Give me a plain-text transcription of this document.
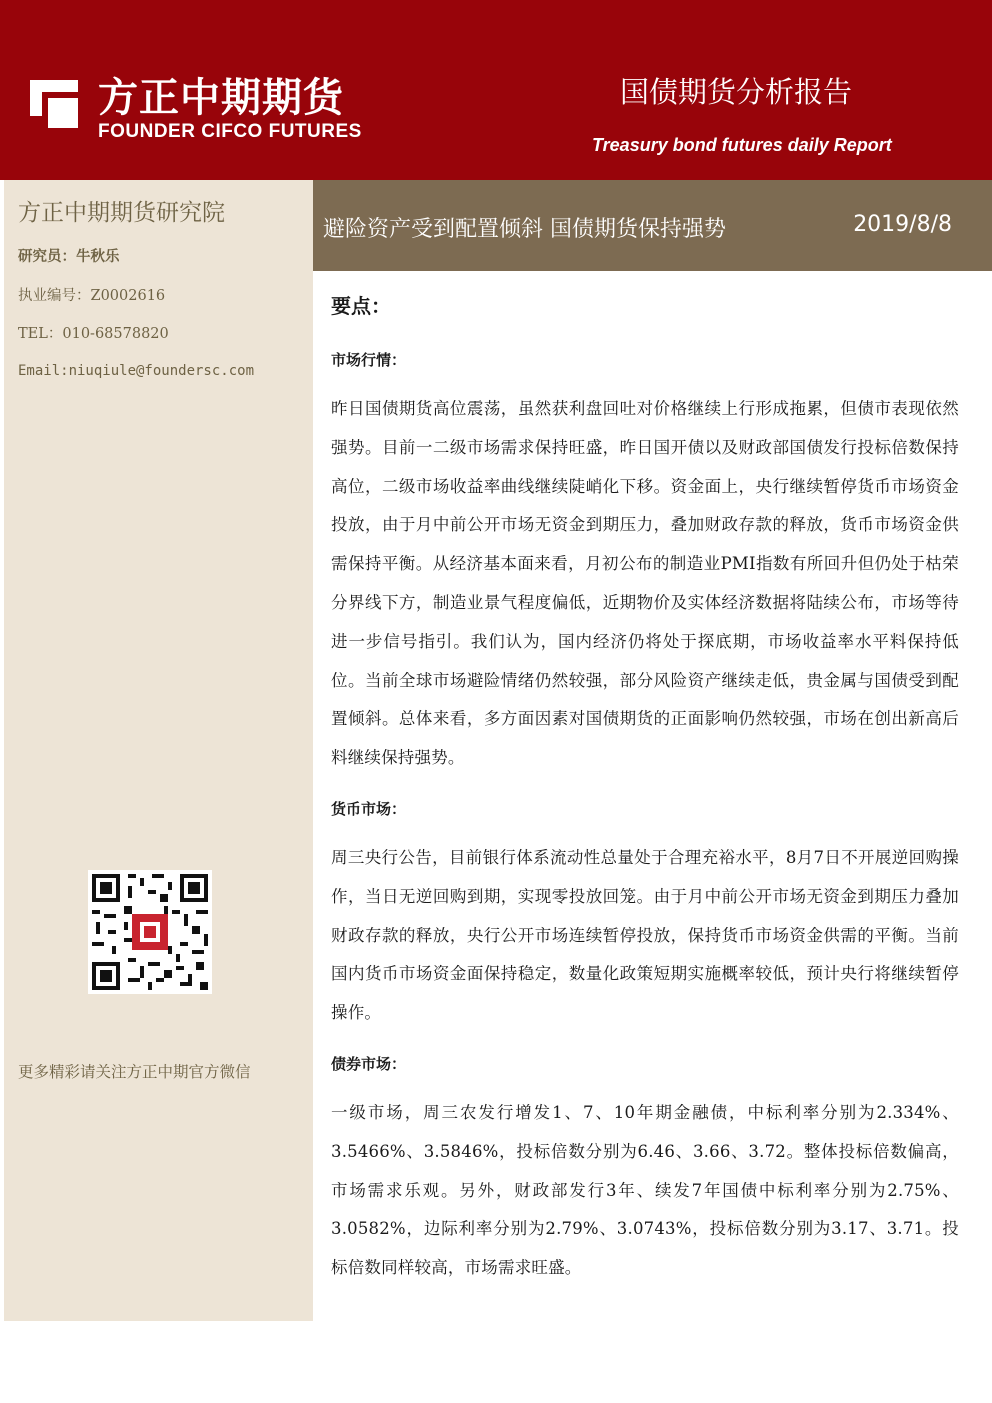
方正中期期货
FOUNDER CIFCO FUTURES
国债期货分析报告
Treasury bond futures daily Report
方正中期期货研究院
研究员：牛秋乐
执业编号：Z0002616
TEL：010-68578820
Email:niuqiule@foundersc.com
更多精彩请关注方正中期官方微信
避险资产受到配置倾斜 国债期货保持强势	2019/8/8
要点：
市场行情：
昨日国债期货高位震荡，虽然获利盘回吐对价格继续上行形成拖累，但债市表现依然强势。目前一二级市场需求保持旺盛，昨日国开债以及财政部国债发行投标倍数保持高位，二级市场收益率曲线继续陡峭化下移。资金面上，央行继续暂停货币市场资金投放，由于月中前公开市场无资金到期压力，叠加财政存款的释放，货币市场资金供需保持平衡。从经济基本面来看，月初公布的制造业PMI指数有所回升但仍处于枯荣分界线下方，制造业景气程度偏低，近期物价及实体经济数据将陆续公布，市场等待进一步信号指引。我们认为，国内经济仍将处于探底期，市场收益率水平料保持低位。当前全球市场避险情绪仍然较强，部分风险资产继续走低，贵金属与国债受到配置倾斜。总体来看，多方面因素对国债期货的正面影响仍然较强，市场在创出新高后料继续保持强势。
货币市场：
周三央行公告，目前银行体系流动性总量处于合理充裕水平，8月7日不开展逆回购操作，当日无逆回购到期，实现零投放回笼。由于月中前公开市场无资金到期压力叠加财政存款的释放，央行公开市场连续暂停投放，保持货币市场资金供需的平衡。当前国内货币市场资金面保持稳定，数量化政策短期实施概率较低，预计央行将继续暂停操作。
债券市场：
一级市场，周三农发行增发1、7、10年期金融债，中标利率分别为2.334%、3.5466%、3.5846%，投标倍数分别为6.46、3.66、3.72。整体投标倍数偏高，市场需求乐观。另外，财政部发行3年、续发7年国债中标利率分别为2.75%、3.0582%，边际利率分别为2.79%、3.0743%，投标倍数分别为3.17、3.71。投标倍数同样较高，市场需求旺盛。
